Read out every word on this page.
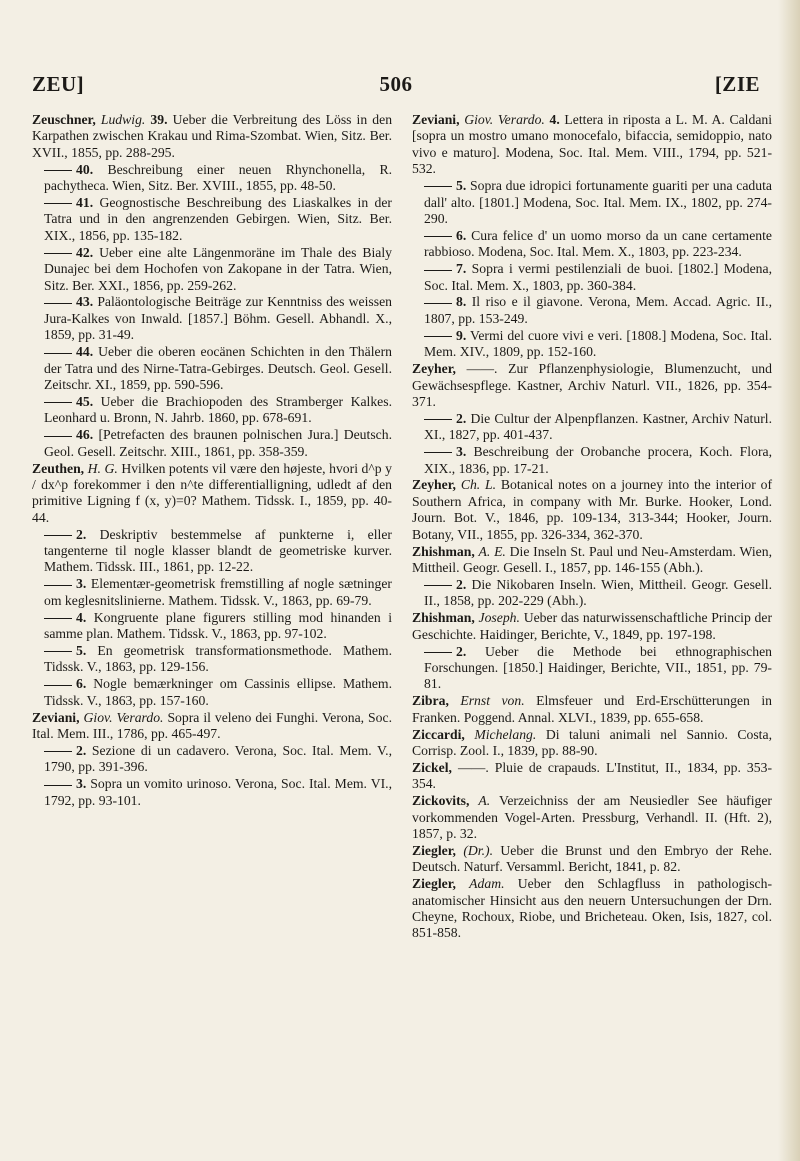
ZEU]	506	[ZIE

Zeuschner, Ludwig. 39. Ueber die Verbreitung des Löss in den Karpathen zwischen Krakau und Rima-Szombat. Wien, Sitz. Ber. XVII., 1855, pp. 288-295.

40. Beschreibung einer neuen Rhynchonella, R. pachytheca. Wien, Sitz. Ber. XVIII., 1855, pp. 48-50.

41. Geognostische Beschreibung des Liaskalkes in der Tatra und in den angrenzenden Gebirgen. Wien, Sitz. Ber. XIX., 1856, pp. 135-182.

42. Ueber eine alte Längenmoräne im Thale des Bialy Dunajec bei dem Hochofen von Zakopane in der Tatra. Wien, Sitz. Ber. XXI., 1856, pp. 259-262.

43. Paläontologische Beiträge zur Kenntniss des weissen Jura-Kalkes von Inwald. [1857.] Böhm. Gesell. Abhandl. X., 1859, pp. 31-49.

44. Ueber die oberen eocänen Schichten in den Thälern der Tatra und des Nirne-Tatra-Gebirges. Deutsch. Geol. Gesell. Zeitschr. XI., 1859, pp. 590-596.

45. Ueber die Brachiopoden des Stramberger Kalkes. Leonhard u. Bronn, N. Jahrb. 1860, pp. 678-691.

46. [Petrefacten des braunen polnischen Jura.] Deutsch. Geol. Gesell. Zeitschr. XIII., 1861, pp. 358-359.

Zeuthen, H. G. Hvilken potents vil være den højeste, hvori d^p y / dx^p forekommer i den n^te differentialligning, udledt af den primitive Ligning f (x, y)=0? Mathem. Tidssk. I., 1859, pp. 40-44.

2. Deskriptiv bestemmelse af punkterne i, eller tangenterne til nogle klasser blandt de geometriske kurver. Mathem. Tidssk. III., 1861, pp. 12-22.

3. Elementær-geometrisk fremstilling af nogle sætninger om keglesnitslinierne. Mathem. Tidssk. V., 1863, pp. 69-79.

4. Kongruente plane figurers stilling mod hinanden i samme plan. Mathem. Tidssk. V., 1863, pp. 97-102.

5. En geometrisk transformationsmethode. Mathem. Tidssk. V., 1863, pp. 129-156.

6. Nogle bemærkninger om Cassinis ellipse. Mathem. Tidssk. V., 1863, pp. 157-160.

Zeviani, Giov. Verardo. Sopra il veleno dei Funghi. Verona, Soc. Ital. Mem. III., 1786, pp. 465-497.

2. Sezione di un cadavero. Verona, Soc. Ital. Mem. V., 1790, pp. 391-396.

3. Sopra un vomito urinoso. Verona, Soc. Ital. Mem. VI., 1792, pp. 93-101.

Zeviani, Giov. Verardo. 4. Lettera in riposta a L. M. A. Caldani [sopra un mostro umano monocefalo, bifaccia, semidoppio, nato vivo e maturo]. Modena, Soc. Ital. Mem. VIII., 1794, pp. 521-532.

5. Sopra due idropici fortunamente guariti per una caduta dall' alto. [1801.] Modena, Soc. Ital. Mem. IX., 1802, pp. 274-290.

6. Cura felice d' un uomo morso da un cane certamente rabbioso. Modena, Soc. Ital. Mem. X., 1803, pp. 223-234.

7. Sopra i vermi pestilenziali de buoi. [1802.] Modena, Soc. Ital. Mem. X., 1803, pp. 360-384.

8. Il riso e il giavone. Verona, Mem. Accad. Agric. II., 1807, pp. 153-249.

9. Vermi del cuore vivi e veri. [1808.] Modena, Soc. Ital. Mem. XIV., 1809, pp. 152-160.

Zeyher, ——. Zur Pflanzenphysiologie, Blumenzucht, und Gewächsespflege. Kastner, Archiv Naturl. VII., 1826, pp. 354-371.

2. Die Cultur der Alpenpflanzen. Kastner, Archiv Naturl. XI., 1827, pp. 401-437.

3. Beschreibung der Orobanche procera, Koch. Flora, XIX., 1836, pp. 17-21.

Zeyher, Ch. L. Botanical notes on a journey into the interior of Southern Africa, in company with Mr. Burke. Hooker, Lond. Journ. Bot. V., 1846, pp. 109-134, 313-344; Hooker, Journ. Botany, VII., 1855, pp. 326-334, 362-370.

Zhishman, A. E. Die Inseln St. Paul und Neu-Amsterdam. Wien, Mittheil. Geogr. Gesell. I., 1857, pp. 146-155 (Abh.).

2. Die Nikobaren Inseln. Wien, Mittheil. Geogr. Gesell. II., 1858, pp. 202-229 (Abh.).

Zhishman, Joseph. Ueber das naturwissenschaftliche Princip der Geschichte. Haidinger, Berichte, V., 1849, pp. 197-198.

2. Ueber die Methode bei ethnographischen Forschungen. [1850.] Haidinger, Berichte, VII., 1851, pp. 79-81.

Zibra, Ernst von. Elmsfeuer und Erd-Erschütterungen in Franken. Poggend. Annal. XLVI., 1839, pp. 655-658.

Ziccardi, Michelang. Di taluni animali nel Sannio. Costa, Corrisp. Zool. I., 1839, pp. 88-90.

Zickel, ——. Pluie de crapauds. L'Institut, II., 1834, pp. 353-354.

Zickovits, A. Verzeichniss der am Neusiedler See häufiger vorkommenden Vogel-Arten. Pressburg, Verhandl. II. (Hft. 2), 1857, p. 32.

Ziegler, (Dr.). Ueber die Brunst und den Embryo der Rehe. Deutsch. Naturf. Versamml. Bericht, 1841, p. 82.

Ziegler, Adam. Ueber den Schlagfluss in pathologisch-anatomischer Hinsicht aus den neuern Untersuchungen der Drn. Cheyne, Rochoux, Riobe, und Bricheteau. Oken, Isis, 1827, col. 851-858.
